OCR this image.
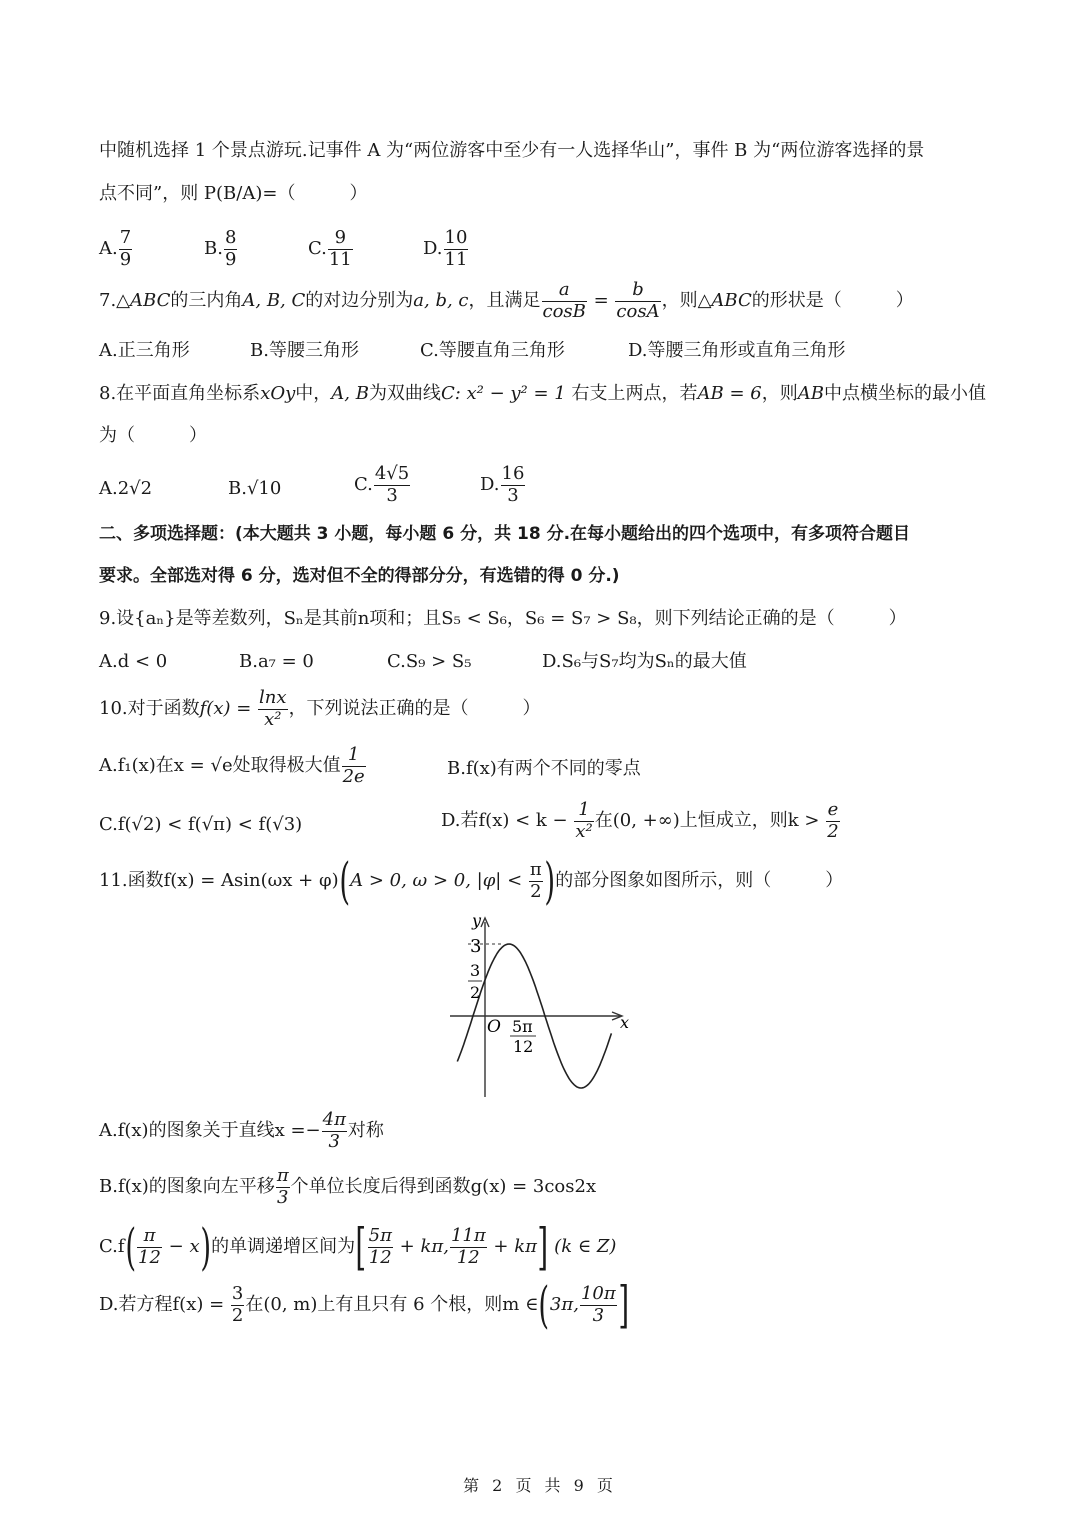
中随机选择 1 个景点游玩.记事件 A 为“两位游客中至少有一人选择华山”，事件 B 为“两位游客选择的景
点不同”，则 P(B/A)=（　　　）
A. $\frac{7}{9}$	B. $\frac{8}{9}$	C. $\frac{9}{11}$	D. $\frac{10}{11}$
7.△ABC的三内角A, B, C的对边分别为a, b, c，且满足 $\frac{a}{\cos B} = \frac{b}{\cos A}$ ，则△ABC的形状是（　　　）
A.正三角形	B.等腰三角形	C.等腰直角三角形	D.等腰三角形或直角三角形
8.在平面直角坐标系xOy中，A, B为双曲线C: x² − y² = 1 右支上两点，若AB = 6，则AB中点横坐标的最小值
为（　　　）
A.2√2	B.√10	C. $\frac{4√5}{3}$	D. $\frac{16}{3}$
二、多项选择题：(本大题共 3 小题，每小题 6 分，共 18 分.在每小题给出的四个选项中，有多项符合题目
要求。全部选对得 6 分，选对但不全的得部分分，有选错的得 0 分.)
9.设{aₙ}是等差数列，Sₙ是其前n项和；且S₅ < S₆，S₆ = S₇ > S₈，则下列结论正确的是（　　　）
A.d < 0	B.a₇ = 0	C.S₉ > S₅	D.S₆与S₇均为Sₙ的最大值
10.对于函数$f(x) = \frac{\ln x}{\text{x²}}$ ，下列说法正确的是（　　　）
A.f₁(x)在x = √e处取得极大值 $\frac{1}{2e}$	B.f(x)有两个不同的零点
C.f(√2) < f(√π) < f(√3)	D.若$f(x) < k - \frac{1}{\text{x²}}$ 在(0, +∞)上恒成立，则$k > \frac{e}{2}$
11.函数f(x) = Asin(ωx + φ)(A > 0, ω > 0, $|\varphi| < \frac{\pi}{2}$ )的部分图象如图所示，则（　　　）
3
3
2
O 5π
12
x
y
A.f(x)的图象关于直线$x =- \frac{4\pi}{3}$ 对称
B.f(x)的图象向左平移 $\frac{\pi}{3}$ 个单位长度后得到函数g(x) = 3cos2x
$C.f( \frac{\pi}{12} - x)$的单调递增区间为[ $\frac{5\pi}{12} + k\pi$, $\frac{11\pi}{12} + k\pi$] (k ∈ Z)
D.若方程$f(x) = \frac{3}{2}$ 在(0, m)上有且只有 6 个根，则m ∈(3π, $\frac{10\pi}{3}$ ]
第 2 页 共 9 页
